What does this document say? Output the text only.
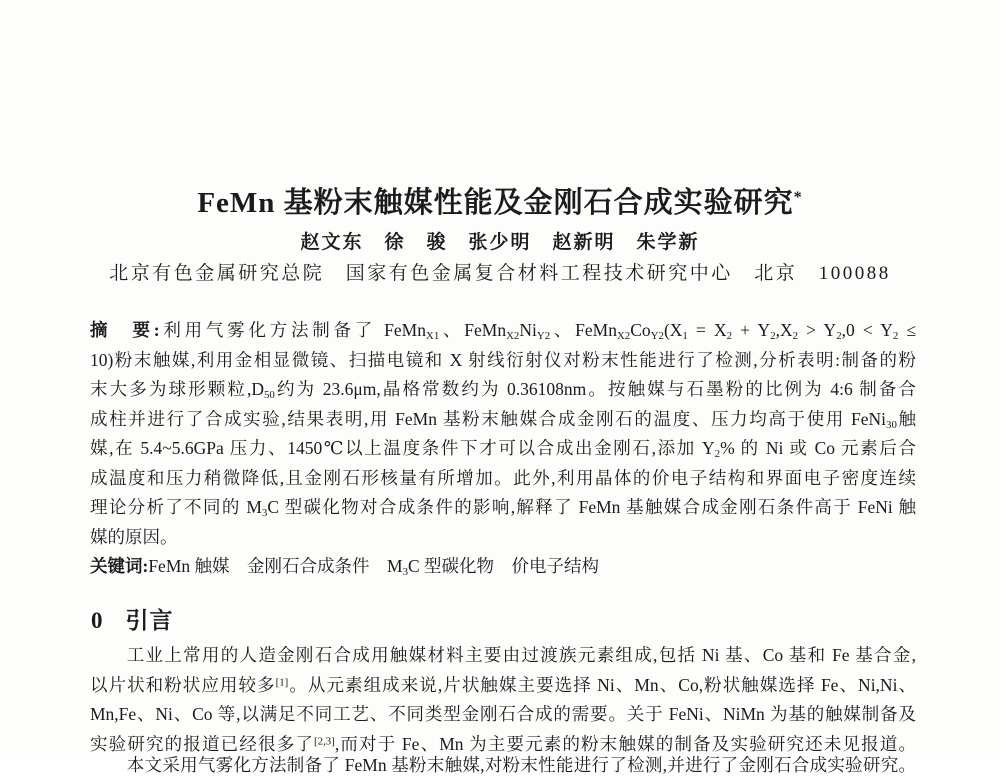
FeMn 基粉末触媒性能及金刚石合成实验研究*
赵文东　徐　骏　张少明　赵新明　朱学新
北京有色金属研究总院　国家有色金属复合材料工程技术研究中心　北京　100088
摘　要:利用气雾化方法制备了 FeMn$_{X1}$、$FeMn_{X2}Ni_{Y2}$、$FeMn_{X2}Co_{Y2}(X_1 = X_2 + Y_2,X_2 > Y_2,0 < Y_2$ ≤
10)粉末触媒,利用金相显微镜、扫描电镜和 X 射线衍射仪对粉末性能进行了检测,分析表明:制备的粉
末大多为球形颗粒$,D_{50}$约为 23.6μm,晶格常数约为 0.36108nm。按触媒与石墨粉的比例为 4:6 制备合
成柱并进行了合成实验,结果表明,用 FeMn 基粉末触媒合成金刚石的温度、压力均高于使用 FeNi$_{30}$触
媒,在 5.4~5.6GPa 压力、1450℃以上温度条件下才可以合成出金刚石,添加 $Y_2\%$ 的 Ni 或 Co 元素后合
成温度和压力稍微降低,且金刚石形核量有所增加。此外,利用晶体的价电子结构和界面电子密度连续
理论分析了不同的 $M_3C$ 型碳化物对合成条件的影响,解释了 FeMn 基触媒合成金刚石条件高于 FeNi 触
媒的原因。
关键词:FeMn 触媒　金刚石合成条件　$M_3C$ 型碳化物　价电子结构
0 引言
工业上常用的人造金刚石合成用触媒材料主要由过渡族元素组成,包括 Ni 基、Co 基和 Fe 基合金,
以片状和粉状应用较多[1]。从元素组成来说,片状触媒主要选择 Ni、Mn、Co,粉状触媒选择 Fe、Ni,Ni、
Mn,Fe、Ni、Co 等,以满足不同工艺、不同类型金刚石合成的需要。关于 FeNi、NiMn 为基的触媒制备及
实验研究的报道已经很多了[2,3],而对于 Fe、Mn 为主要元素的粉末触媒的制备及实验研究还未见报道。
本文采用气雾化方法制备了 FeMn 基粉末触媒,对粉末性能进行了检测,并进行了金刚石合成实验研究。
